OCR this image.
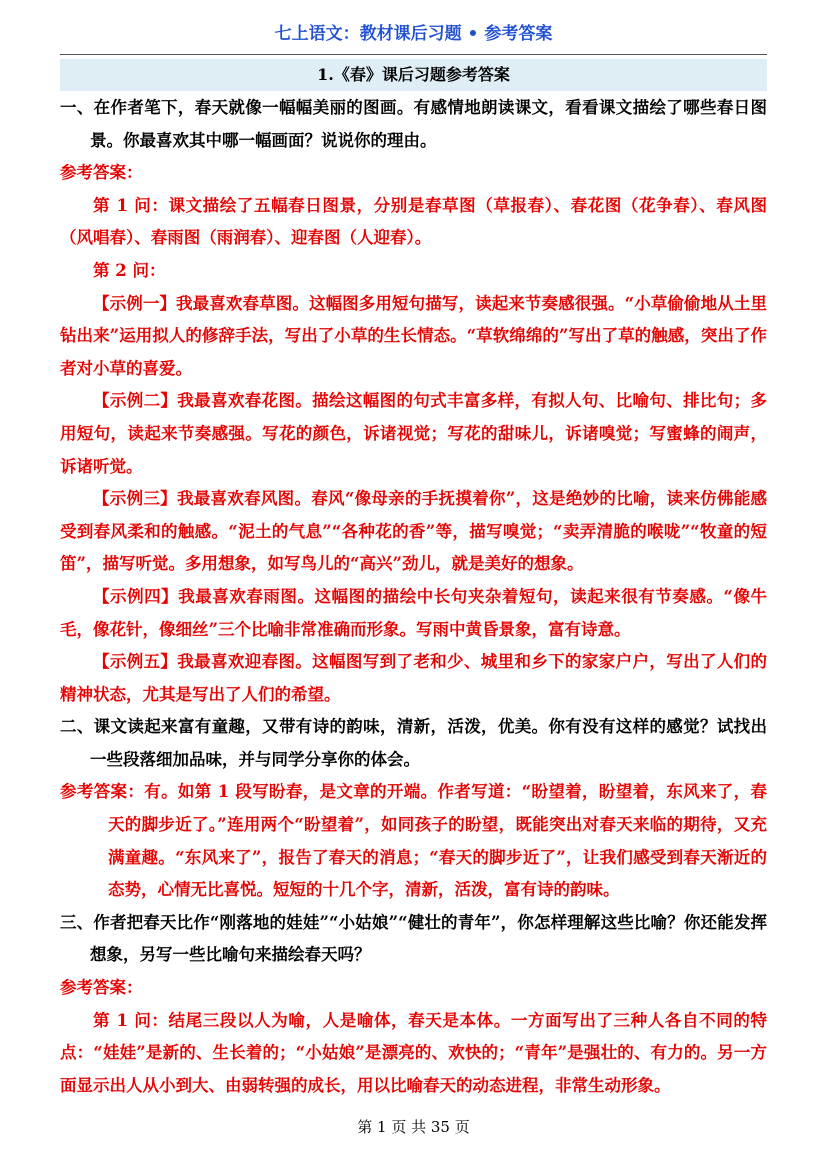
七上语文：教材课后习题 • 参考答案
1.《春》课后习题参考答案

一、在作者笔下，春天就像一幅幅美丽的图画。有感情地朗读课文，看看课文描绘了哪些春日图景。你最喜欢其中哪一幅画面？说说你的理由。

参考答案：

第 1 问：课文描绘了五幅春日图景，分别是春草图（草报春）、春花图（花争春）、春风图（风唱春）、春雨图（雨润春）、迎春图（人迎春）。

第 2 问：

【示例一】我最喜欢春草图。这幅图多用短句描写，读起来节奏感很强。“小草偷偷地从土里钻出来”运用拟人的修辞手法，写出了小草的生长情态。“草软绵绵的”写出了草的触感，突出了作者对小草的喜爱。

【示例二】我最喜欢春花图。描绘这幅图的句式丰富多样，有拟人句、比喻句、排比句；多用短句，读起来节奏感强。写花的颜色，诉诸视觉；写花的甜味儿，诉诸嗅觉；写蜜蜂的闹声，诉诸听觉。

【示例三】我最喜欢春风图。春风“像母亲的手抚摸着你”，这是绝妙的比喻，读来仿佛能感受到春风柔和的触感。“泥土的气息”“各种花的香”等，描写嗅觉；“卖弄清脆的喉咙”“牧童的短笛”，描写听觉。多用想象，如写鸟儿的“高兴”劲儿，就是美好的想象。

【示例四】我最喜欢春雨图。这幅图的描绘中长句夹杂着短句，读起来很有节奏感。“像牛毛，像花针，像细丝”三个比喻非常准确而形象。写雨中黄昏景象，富有诗意。

【示例五】我最喜欢迎春图。这幅图写到了老和少、城里和乡下的家家户户，写出了人们的精神状态，尤其是写出了人们的希望。

二、课文读起来富有童趣，又带有诗的韵味，清新，活泼，优美。你有没有这样的感觉？试找出一些段落细加品味，并与同学分享你的体会。

参考答案：有。如第 1 段写盼春，是文章的开端。作者写道：“盼望着，盼望着，东风来了，春天的脚步近了。”连用两个“盼望着”，如同孩子的盼望，既能突出对春天来临的期待，又充满童趣。“东风来了”，报告了春天的消息；“春天的脚步近了”，让我们感受到春天渐近的态势，心情无比喜悦。短短的十几个字，清新，活泼，富有诗的韵味。

三、作者把春天比作“刚落地的娃娃”“小姑娘”“健壮的青年”，你怎样理解这些比喻？你还能发挥想象，另写一些比喻句来描绘春天吗？

参考答案：

第 1 问：结尾三段以人为喻，人是喻体，春天是本体。一方面写出了三种人各自不同的特点：“娃娃”是新的、生长着的；“小姑娘”是漂亮的、欢快的；“青年”是强壮的、有力的。另一方面显示出人从小到大、由弱转强的成长，用以比喻春天的动态进程，非常生动形象。

第 1 页 共 35 页
